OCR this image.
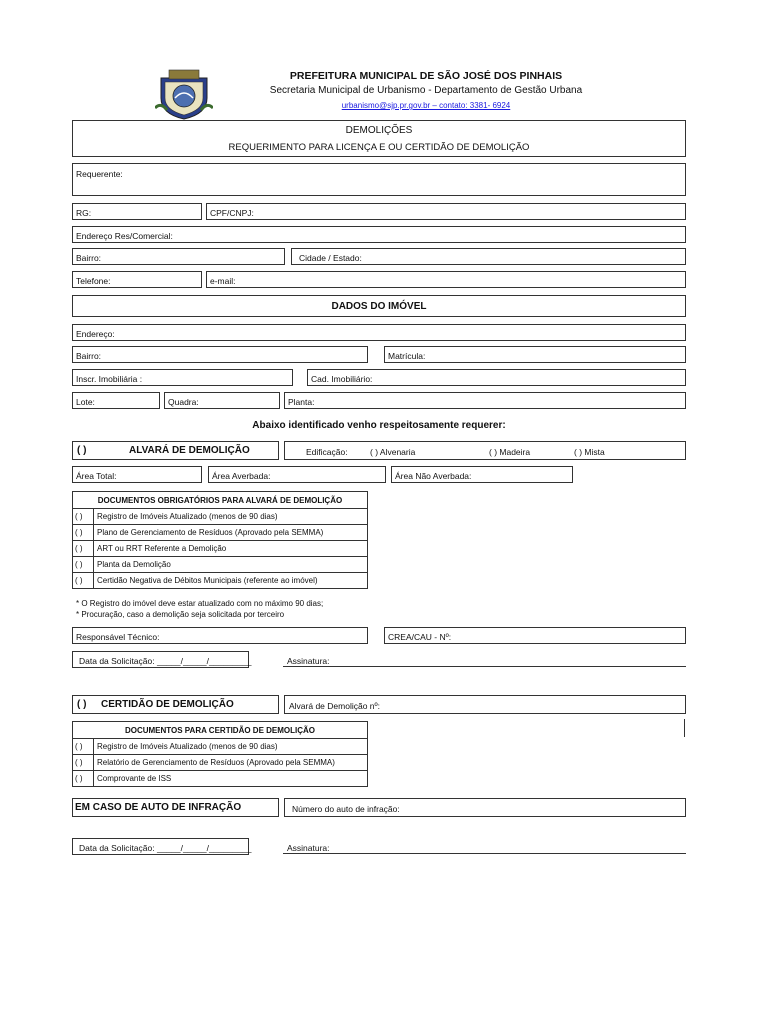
PREFEITURA MUNICIPAL DE SÃO JOSÉ DOS PINHAIS
Secretaria Municipal de Urbanismo - Departamento de Gestão Urbana
urbanismo@sjp.pr.gov.br – contato: 3381- 6924
DEMOLIÇÕES
REQUERIMENTO PARA LICENÇA E OU CERTIDÃO DE DEMOLIÇÃO
Requerente:
RG:	CPF/CNPJ:
Endereço Res/Comercial:
Bairro:	Cidade / Estado:
Telefone:	e-mail:
DADOS DO IMÓVEL
Endereço:
Bairro:	Matrícula:
Inscr. Imobiliária :	Cad. Imobiliário:
Lote:	Quadra:	Planta:
Abaixo identificado venho respeitosamente requerer:
( )	ALVARÁ DE DEMOLIÇÃO	Edificação:	( ) Alvenaria	( ) Madeira	( ) Mista
Área Total:	Área Averbada:	Área Não Averbada:
DOCUMENTOS OBRIGATÓRIOS PARA ALVARÁ DE DEMOLIÇÃO	
( )	Registro de Imóveis Atualizado (menos de 90 dias)
( )	Plano de Gerenciamento de Resíduos (Aprovado pela SEMMA)
( )	ART ou RRT Referente a Demolição
( )	Planta da Demolição
( )	Certidão Negativa de Débitos Municipais (referente ao imóvel)
* O Registro do imóvel deve estar atualizado com no máximo 90 dias;
* Procuração, caso a demolição seja solicitada por terceiro
Responsável Técnico:	CREA/CAU - Nº:
Data da Solicitação: _____/_____/_________	Assinatura:
( ) CERTIDÃO DE DEMOLIÇÃO	Alvará de Demolição nº:
DOCUMENTOS PARA CERTIDÃO DE DEMOLIÇÃO	
( )	Registro de Imóveis Atualizado (menos de 90 dias)
( )	Relatório de Gerenciamento de Resíduos (Aprovado pela SEMMA)
( )	Comprovante de ISS
EM CASO DE AUTO DE INFRAÇÃO	Número do auto de infração:
Data da Solicitação: _____/_____/_________	Assinatura:
